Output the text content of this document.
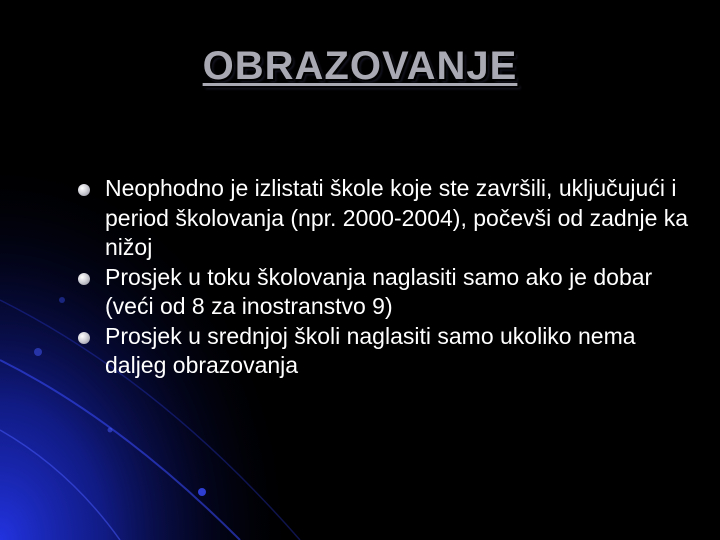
OBRAZOVANJE
Neophodno je izlistati škole koje ste završili, uključujući i period školovanja (npr. 2000-2004), počevši od zadnje ka nižoj
Prosjek u toku školovanja naglasiti samo ako je dobar (veći od 8 za inostranstvo 9)
Prosjek u srednjoj školi naglasiti samo ukoliko nema daljeg obrazovanja
